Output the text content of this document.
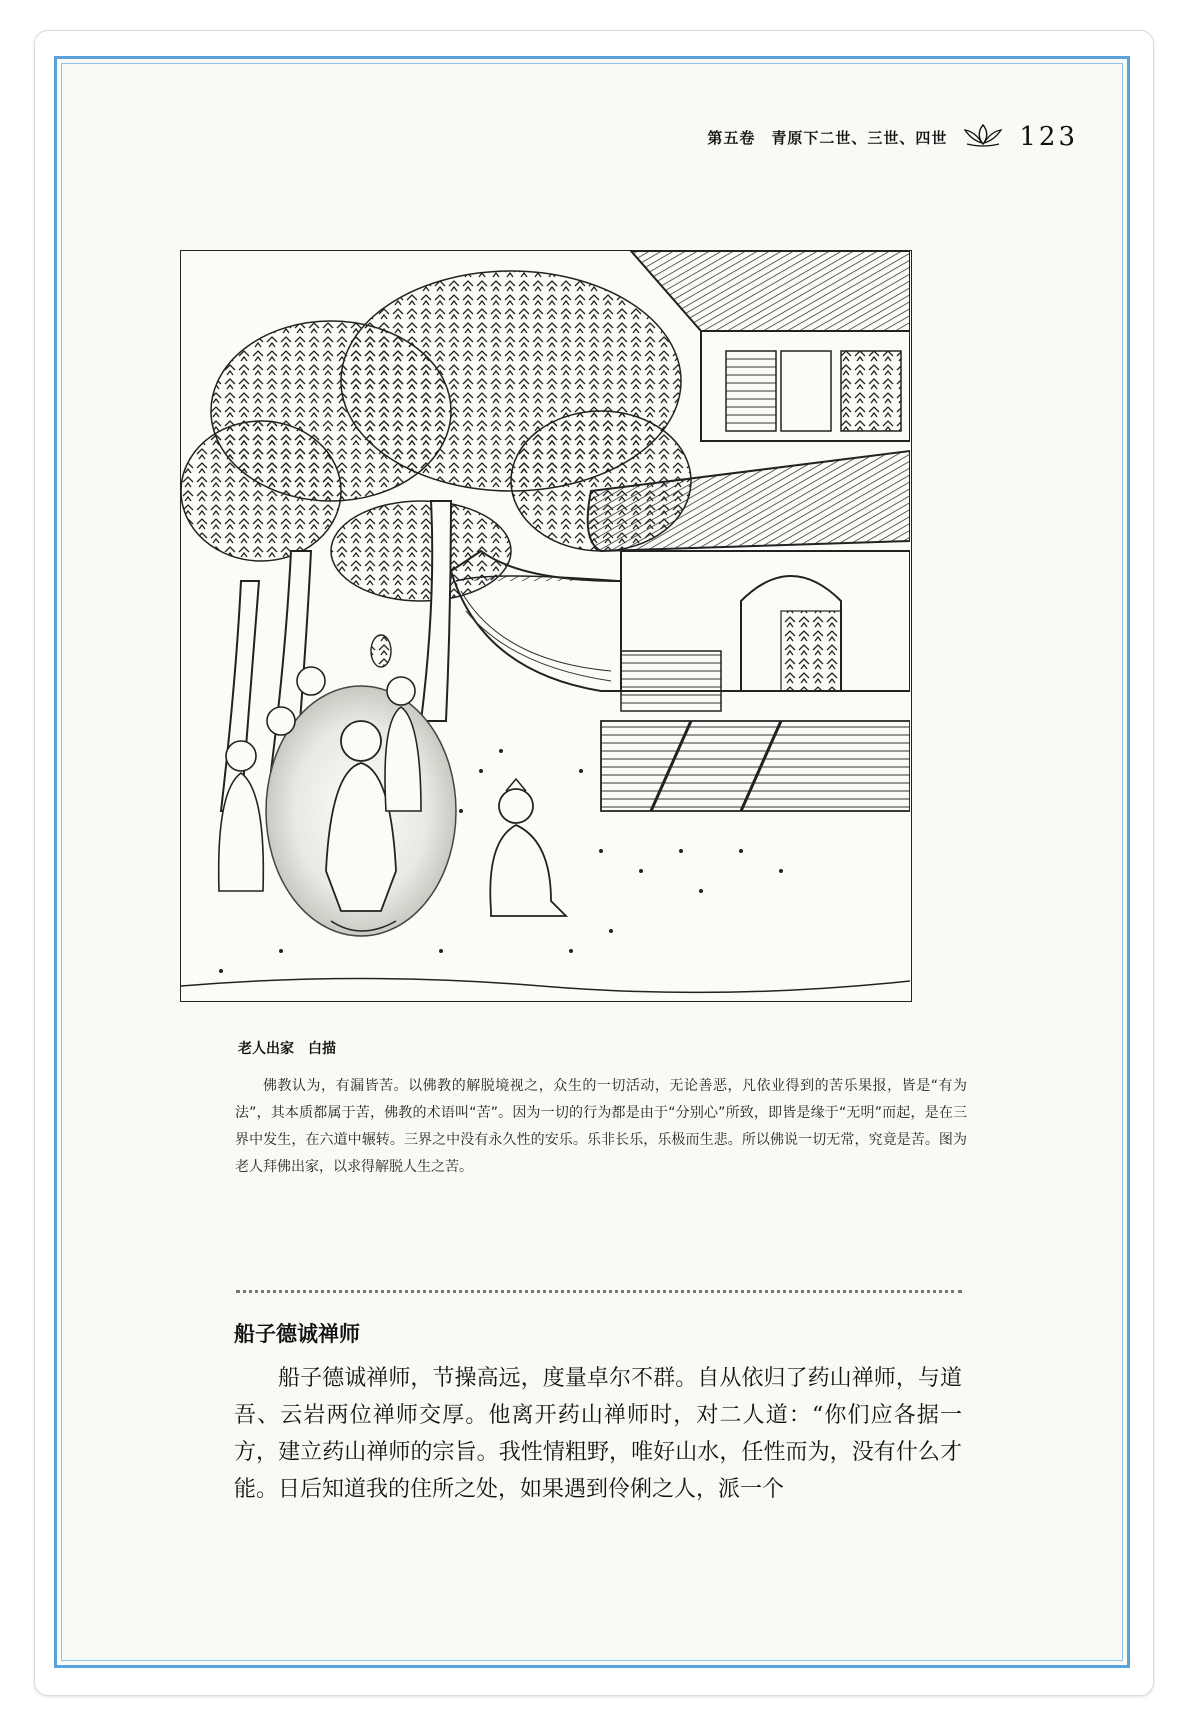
第五卷　青原下二世、三世、四世	123
老人出家　白描

佛教认为，有漏皆苦。以佛教的解脱境视之，众生的一切活动，无论善恶，凡依业得到的苦乐果报，皆是“有为法”，其本质都属于苦，佛教的术语叫“苦”。因为一切的行为都是由于“分别心”所致，即皆是缘于“无明”而起，是在三界中发生，在六道中辗转。三界之中没有永久性的安乐。乐非长乐，乐极而生悲。所以佛说一切无常，究竟是苦。图为老人拜佛出家，以求得解脱人生之苦。

船子德诚禅师

船子德诚禅师，节操高远，度量卓尔不群。自从依归了药山禅师，与道吾、云岩两位禅师交厚。他离开药山禅师时，对二人道：“你们应各据一方，建立药山禅师的宗旨。我性情粗野，唯好山水，任性而为，没有什么才能。日后知道我的住所之处，如果遇到伶俐之人，派一个
